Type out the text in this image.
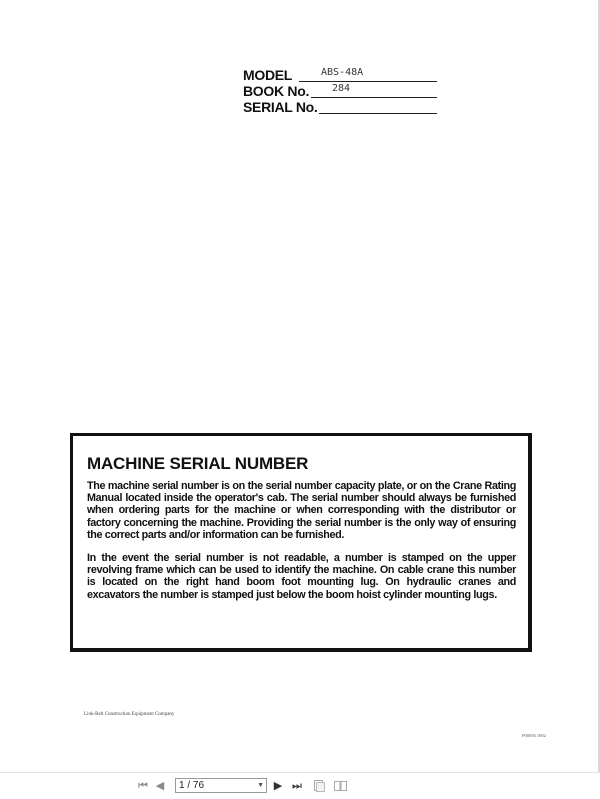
MODEL	ABS-48A
BOOK No. 284
SERIAL No.
MACHINE SERIAL NUMBER

The machine serial number is on the serial number capacity plate, or on the Crane Rating Manual located inside the operator's cab. The serial number should always be furnished when ordering parts for the machine or when corresponding with the distributor or factory concerning the machine. Providing the serial number is the only way of ensuring the correct parts and/or information can be furnished.

In the event the serial number is not readable, a number is stamped on the upper revolving frame which can be used to identify the machine. On cable crane this number is located on the right hand boom foot mounting lug. On hydraulic cranes and excavators the number is stamped just below the boom hoist cylinder mounting lugs.

Link-Belt Construction Equipment Company
P00056 1002
⏮ ◀
1 / 76	▼ ▶ ⏭
